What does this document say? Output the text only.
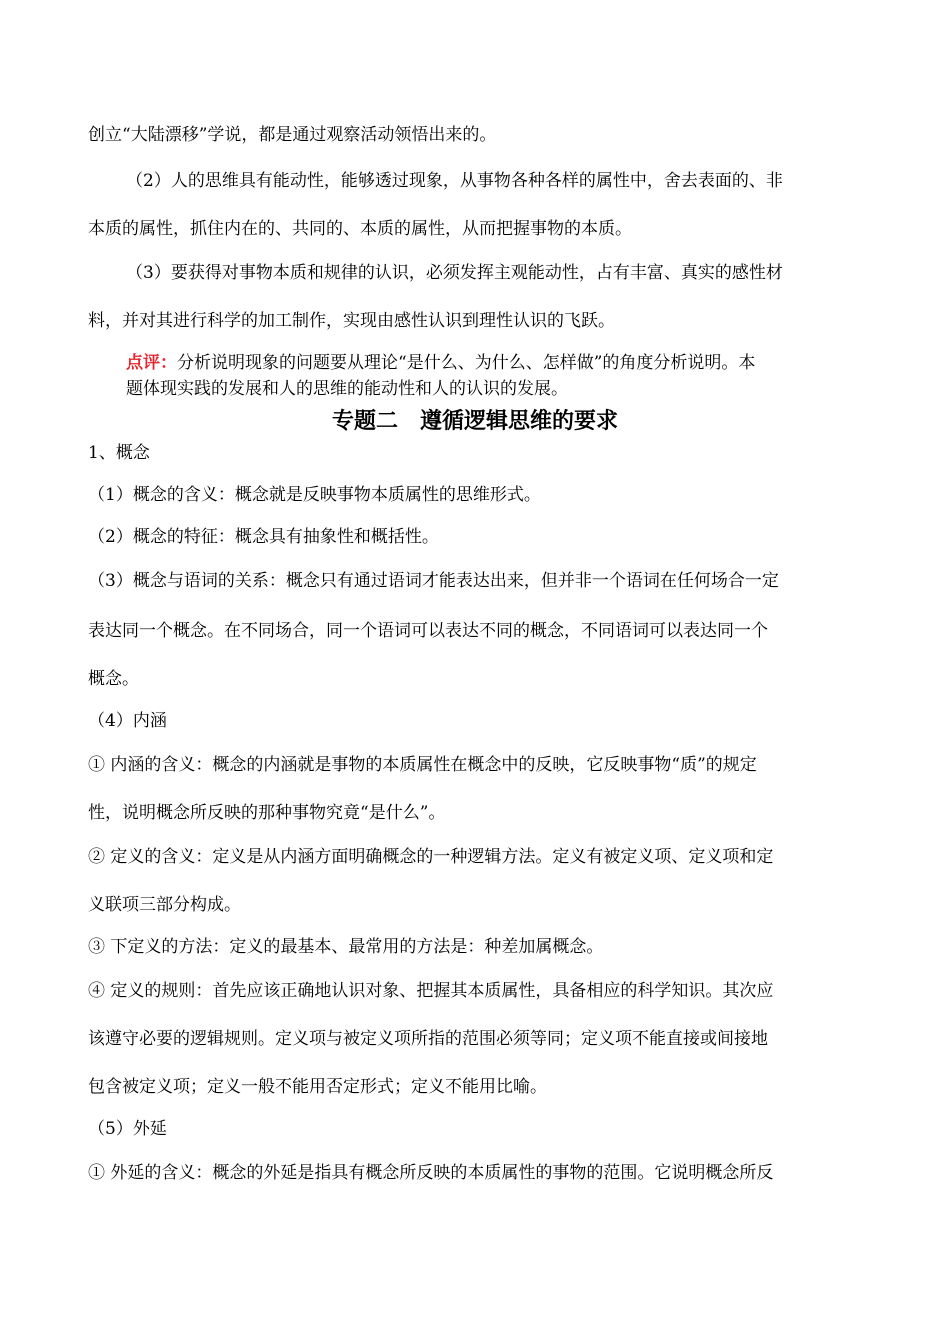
创立“大陆漂移”学说，都是通过观察活动领悟出来的。
（2）人的思维具有能动性，能够透过现象，从事物各种各样的属性中，舍去表面的、非
本质的属性，抓住内在的、共同的、本质的属性，从而把握事物的本质。
（3）要获得对事物本质和规律的认识，必须发挥主观能动性，占有丰富、真实的感性材
料，并对其进行科学的加工制作，实现由感性认识到理性认识的飞跃。
点评：分析说明现象的问题要从理论“是什么、为什么、怎样做”的角度分析说明。本
题体现实践的发展和人的思维的能动性和人的认识的发展。
专题二　遵循逻辑思维的要求
1、概念
（1）概念的含义：概念就是反映事物本质属性的思维形式。
（2）概念的特征：概念具有抽象性和概括性。
（3）概念与语词的关系：概念只有通过语词才能表达出来，但并非一个语词在任何场合一定
表达同一个概念。在不同场合，同一个语词可以表达不同的概念，不同语词可以表达同一个
概念。
（4）内涵
① 内涵的含义：概念的内涵就是事物的本质属性在概念中的反映，它反映事物“质”的规定
性，说明概念所反映的那种事物究竟“是什么”。
② 定义的含义：定义是从内涵方面明确概念的一种逻辑方法。定义有被定义项、定义项和定
义联项三部分构成。
③ 下定义的方法：定义的最基本、最常用的方法是：种差加属概念。
④ 定义的规则：首先应该正确地认识对象、把握其本质属性，具备相应的科学知识。其次应
该遵守必要的逻辑规则。定义项与被定义项所指的范围必须等同；定义项不能直接或间接地
包含被定义项；定义一般不能用否定形式；定义不能用比喻。
（5）外延
① 外延的含义：概念的外延是指具有概念所反映的本质属性的事物的范围。它说明概念所反
